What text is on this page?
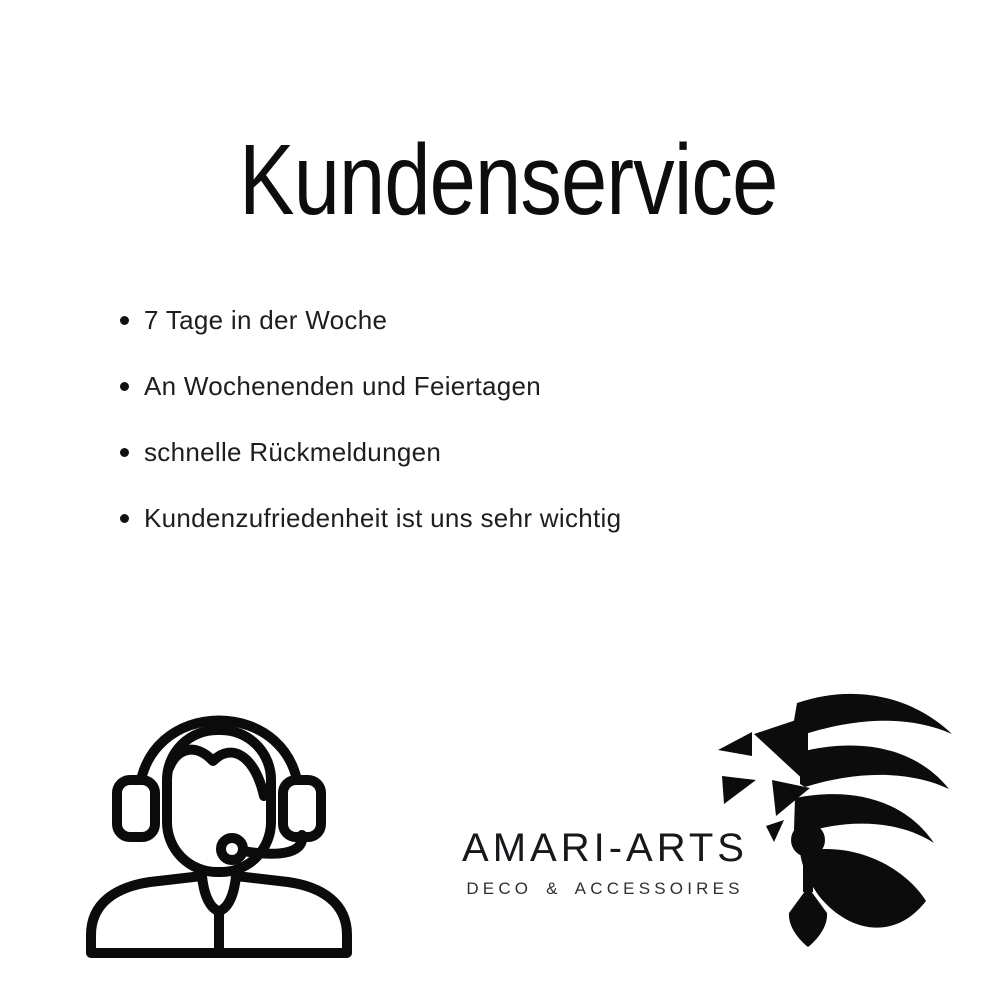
Kundenservice
7 Tage in der Woche
An Wochenenden und Feiertagen
schnelle Rückmeldungen
Kundenzufriedenheit ist uns sehr wichtig
AMARI-ARTS
DECO & ACCESSOIRES
